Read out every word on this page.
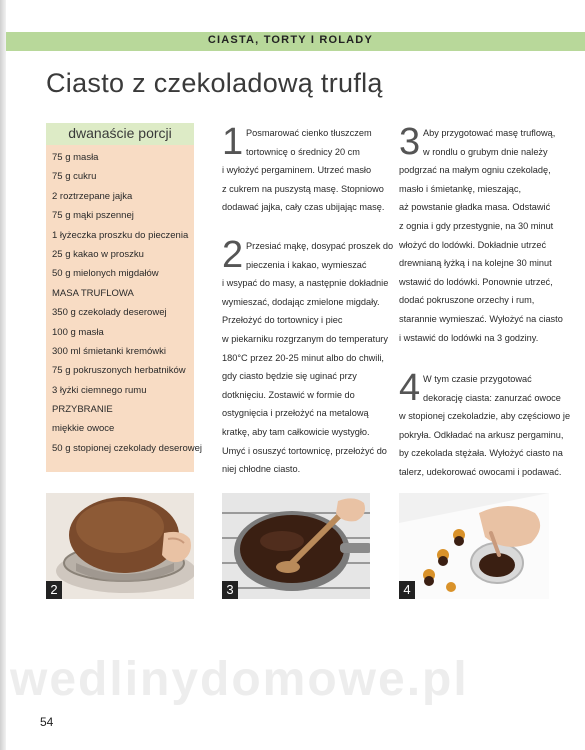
CIASTA, TORTY I ROLADY
Ciasto z czekoladową truflą
dwanaście porcji
75 g masła
75 g cukru
2 roztrzepane jajka
75 g mąki pszennej
1 łyżeczka proszku do pieczenia
25 g kakao w proszku
50 g mielonych migdałów
MASA TRUFLOWA
350 g czekolady deserowej
100 g masła
300 ml śmietanki kremówki
75 g pokruszonych herbatników
3 łyżki ciemnego rumu
PRZYBRANIE
miękkie owoce
50 g stopionej czekolady deserowej
1 Posmarować cienko tłuszczem
tortownicę o średnicy 20 cm
i wyłożyć pergaminem. Utrzeć masło
z cukrem na puszystą masę. Stopniowo
dodawać jajka, cały czas ubijając masę.
2 Przesiać mąkę, dosypać proszek do
pieczenia i kakao, wymieszać
i wsypać do masy, a następnie dokładnie
wymieszać, dodając zmielone migdały.
Przełożyć do tortownicy i piec
w piekarniku rozgrzanym do temperatury
180°C przez 20-25 minut albo do chwili,
gdy ciasto będzie się uginać przy
dotknięciu. Zostawić w formie do
ostygnięcia i przełożyć na metalową
kratkę, aby tam całkowicie wystygło.
Umyć i osuszyć tortownicę, przełożyć do
niej chłodne ciasto.
3 Aby przygotować masę truflową,
w rondlu o grubym dnie należy
podgrzać na małym ogniu czekoladę,
masło i śmietankę, mieszając,
aż powstanie gładka masa. Odstawić
z ognia i gdy przestygnie, na 30 minut
włożyć do lodówki. Dokładnie utrzeć
drewnianą łyżką i na kolejne 30 minut
wstawić do lodówki. Ponownie utrzeć,
dodać pokruszone orzechy i rum,
starannie wymieszać. Wyłożyć na ciasto
i wstawić do lodówki na 3 godziny.
4 W tym czasie przygotować
dekorację ciasta: zanurzać owoce
w stopionej czekoladzie, aby częściowo je
pokryła. Odkładać na arkusz pergaminu,
by czekolada stężała. Wyłożyć ciasto na
talerz, udekorować owocami i podawać.
2	3	4
wedlinydomowe.pl
54
